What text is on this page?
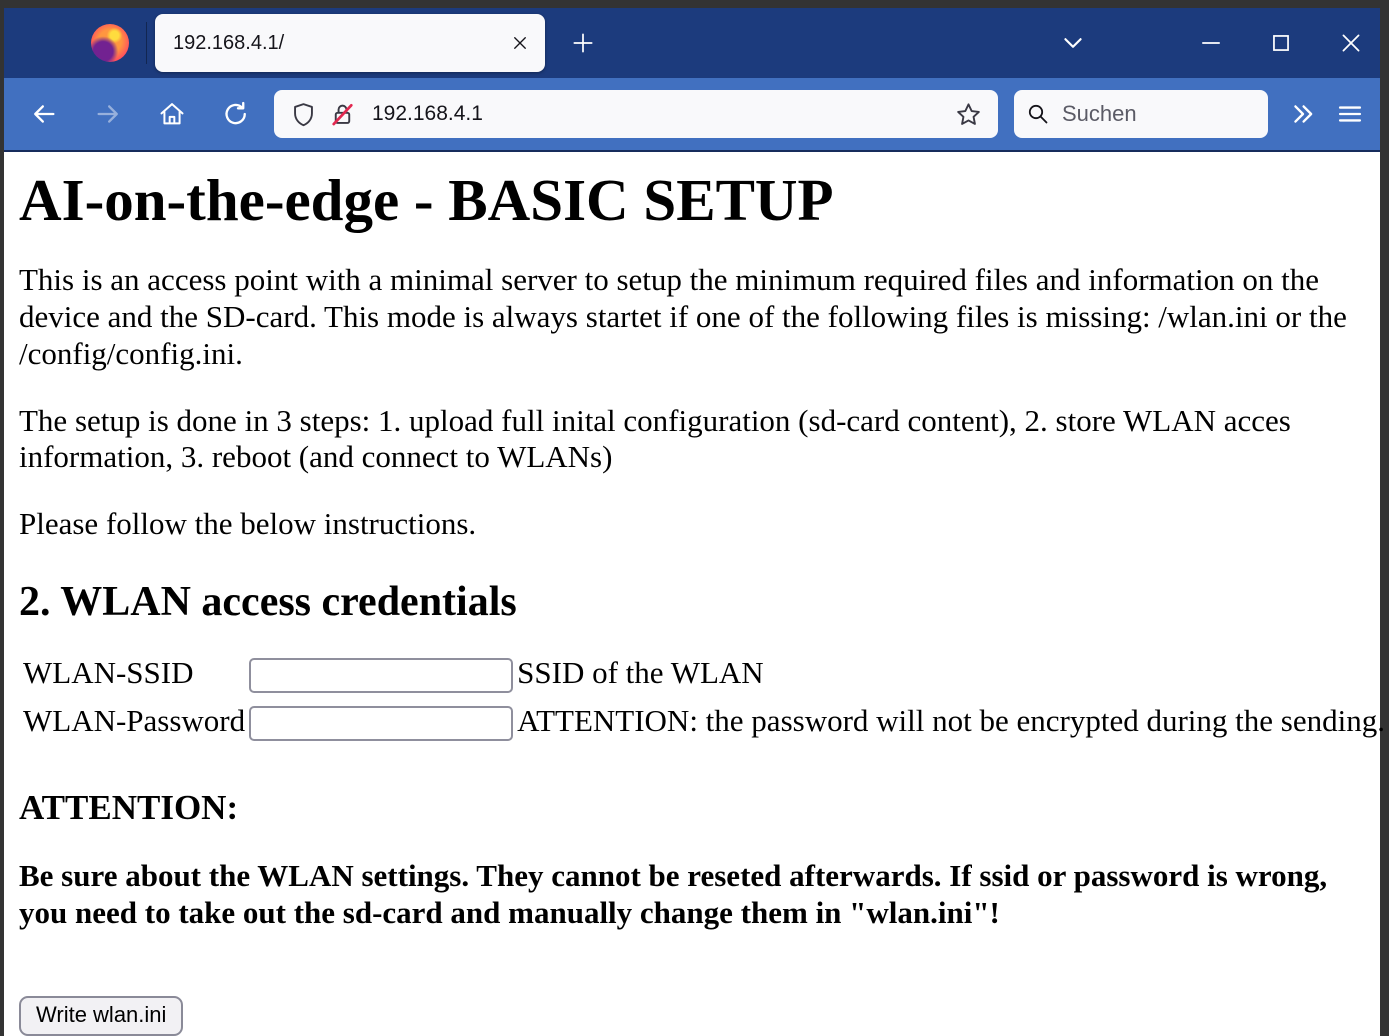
192.168.4.1/
192.168.4.1
Suchen
AI-on-the-edge - BASIC SETUP

This is an access point with a minimal server to setup the minimum required files and information on the device and the SD-card. This mode is always startet if one of the following files is missing: /wlan.ini or the /config/config.ini.

The setup is done in 3 steps: 1. upload full inital configuration (sd-card content), 2. store WLAN acces information, 3. reboot (and connect to WLANs)

Please follow the below instructions.

2. WLAN access credentials
WLAN-SSID		SSID of the WLAN
WLAN-Password		ATTENTION: the password will not be encrypted during the sending.
ATTENTION:

Be sure about the WLAN settings. They cannot be reseted afterwards. If ssid or password is wrong, you need to take out the sd-card and manually change them in "wlan.ini"!

Write wlan.ini
